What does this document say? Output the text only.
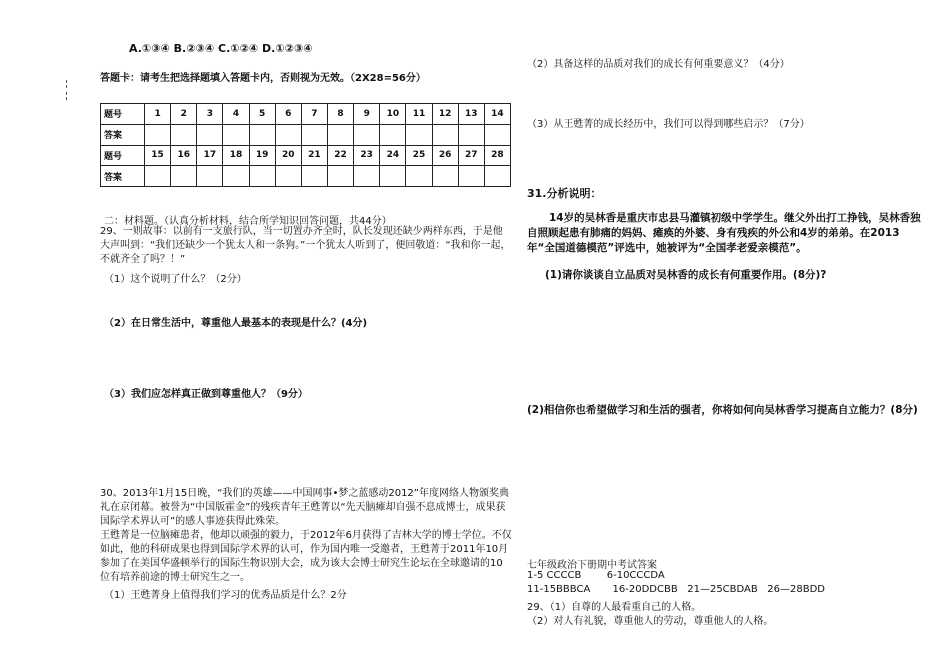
A.①③④ B.②③④ C.①②④ D.①②③④
答题卡：请考生把选择题填入答题卡内，否则视为无效。（2X28=56分）
题号	1	2	3	4	5	6	7	8	9	10	11	12	13	14
答案														
题号	15	16	17	18	19	20	21	22	23	24	25	26	27	28
答案														
二：材料题。（认真分析材料，结合所学知识回答问题，共44分）
29、一则故事：以前有一支旅行队，当一切置办齐全时，队长发现还缺少两样东西，于是他大声叫到：“我们还缺少一个犹太人和一条狗。”一个犹太人听到了，便回敬道：“我和你一起，不就齐全了吗？！”
（1）这个说明了什么？（2分）
（2）在日常生活中，尊重他人最基本的表现是什么？(4分)
（3）我们应怎样真正做到尊重他人？（9分）
30、2013年1月15日晚，“我们的英雄——中国网事•梦之蓝感动2012”年度网络人物颁奖典礼在京闭幕。被誉为“中国版霍金”的残疾青年王甦菁以“先天脑瘫却自强不息成博士，成果获国际学术界认可”的感人事迹获得此殊荣。
王甦菁是一位脑瘫患者，他却以顽强的毅力，于2012年6月获得了吉林大学的博士学位。不仅如此，他的科研成果也得到国际学术界的认可，作为国内唯一受邀者，王甦菁于2011年10月参加了在美国华盛顿举行的国际生物识别大会，成为该大会博士研究生论坛在全球邀请的10位有培养前途的博士研究生之一。
（1）王甦菁身上值得我们学习的优秀品质是什么？2分
（2）具备这样的品质对我们的成长有何重要意义？（4分）
（3）从王甦菁的成长经历中，我们可以得到哪些启示？（7分）
31.分析说明：
14岁的吴林香是重庆市忠县马灌镇初级中学学生。继父外出打工挣钱，吴林香独自照顾起患有肺痛的妈妈、瘫痪的外婆、身有残疾的外公和4岁的弟弟。在2013年“全国道德模范”评选中，她被评为“全国孝老爱亲模范”。
(1)请你谈谈自立品质对吴林香的成长有何重要作用。(8分)?
(2)相信你也希望做学习和生活的强者，你将如何向吴林香学习提高自立能力？(8分)
七年级政治下册期中考试答案
1-5 CCCCB        6-10CCCDA
11-15BBBCA       16-20DDCBB   21—25CBDAB   26—28BDD
29、（1）自尊的人最看重自己的人格。
（2）对人有礼貌，尊重他人的劳动，尊重他人的人格。
